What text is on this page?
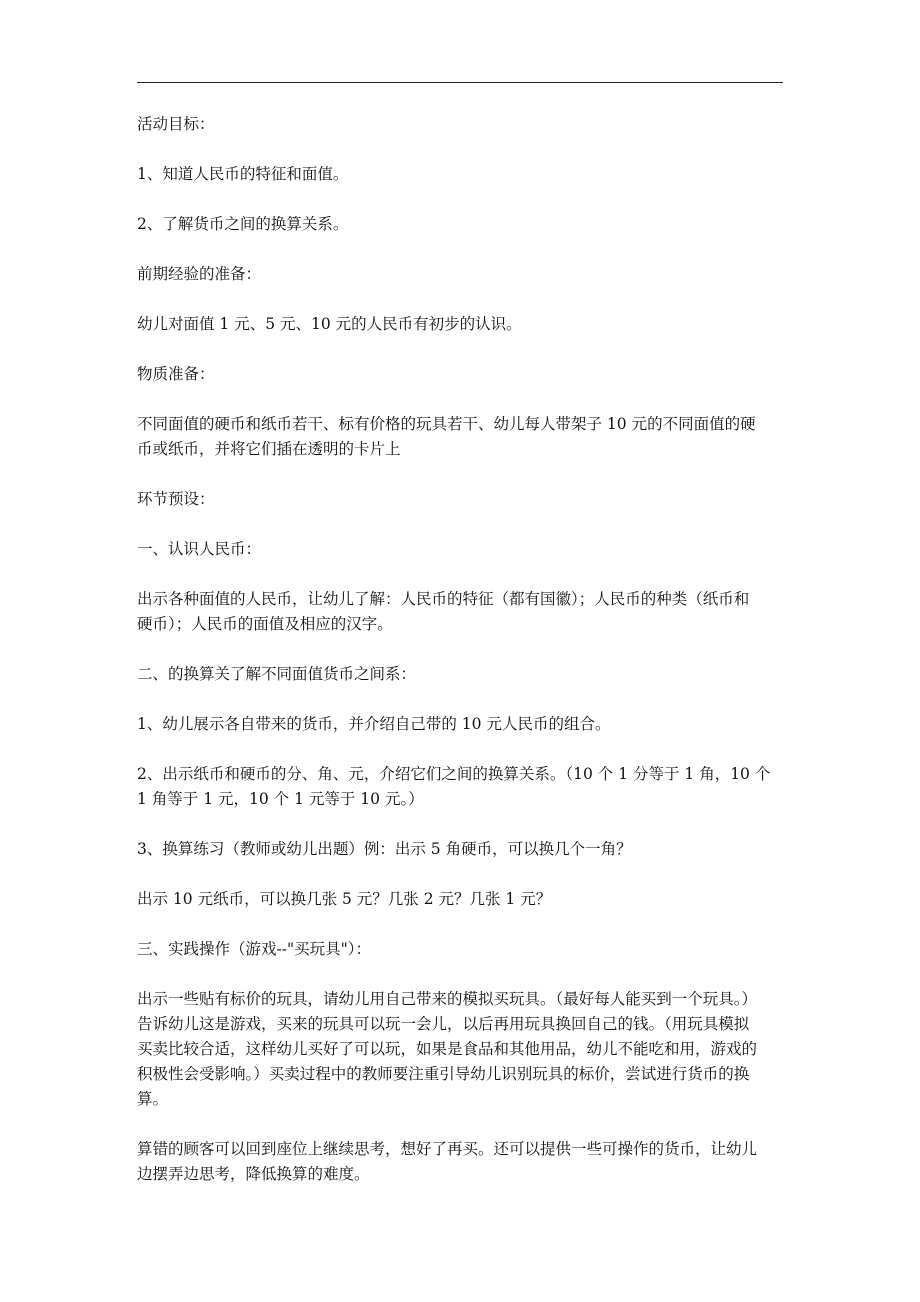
活动目标：

1、知道人民币的特征和面值。

2、了解货币之间的换算关系。

前期经验的准备：

幼儿对面值 1 元、5 元、10 元的人民币有初步的认识。

物质准备：

不同面值的硬币和纸币若干、标有价格的玩具若干、幼儿每人带架子 10 元的不同面值的硬
币或纸币，并将它们插在透明的卡片上

环节预设：

一、认识人民币：

出示各种面值的人民币，让幼儿了解：人民币的特征（都有国徽）；人民币的种类（纸币和
硬币）；人民币的面值及相应的汉字。

二、的换算关了解不同面值货币之间系：

1、幼儿展示各自带来的货币，并介绍自己带的 10 元人民币的组合。

2、出示纸币和硬币的分、角、元，介绍它们之间的换算关系。（10 个 1 分等于 1 角，10 个
1 角等于 1 元，10 个 1 元等于 10 元。）

3、换算练习（教师或幼儿出题）例：出示 5 角硬币，可以换几个一角？

出示 10 元纸币，可以换几张 5 元？几张 2 元？几张 1 元？

三、实践操作（游戏--"买玩具"）：

出示一些贴有标价的玩具，请幼儿用自己带来的模拟买玩具。（最好每人能买到一个玩具。）
告诉幼儿这是游戏，买来的玩具可以玩一会儿，以后再用玩具换回自己的钱。（用玩具模拟
买卖比较合适，这样幼儿买好了可以玩，如果是食品和其他用品，幼儿不能吃和用，游戏的
积极性会受影响。）买卖过程中的教师要注重引导幼儿识别玩具的标价，尝试进行货币的换
算。

算错的顾客可以回到座位上继续思考，想好了再买。还可以提供一些可操作的货币，让幼儿
边摆弄边思考，降低换算的难度。
